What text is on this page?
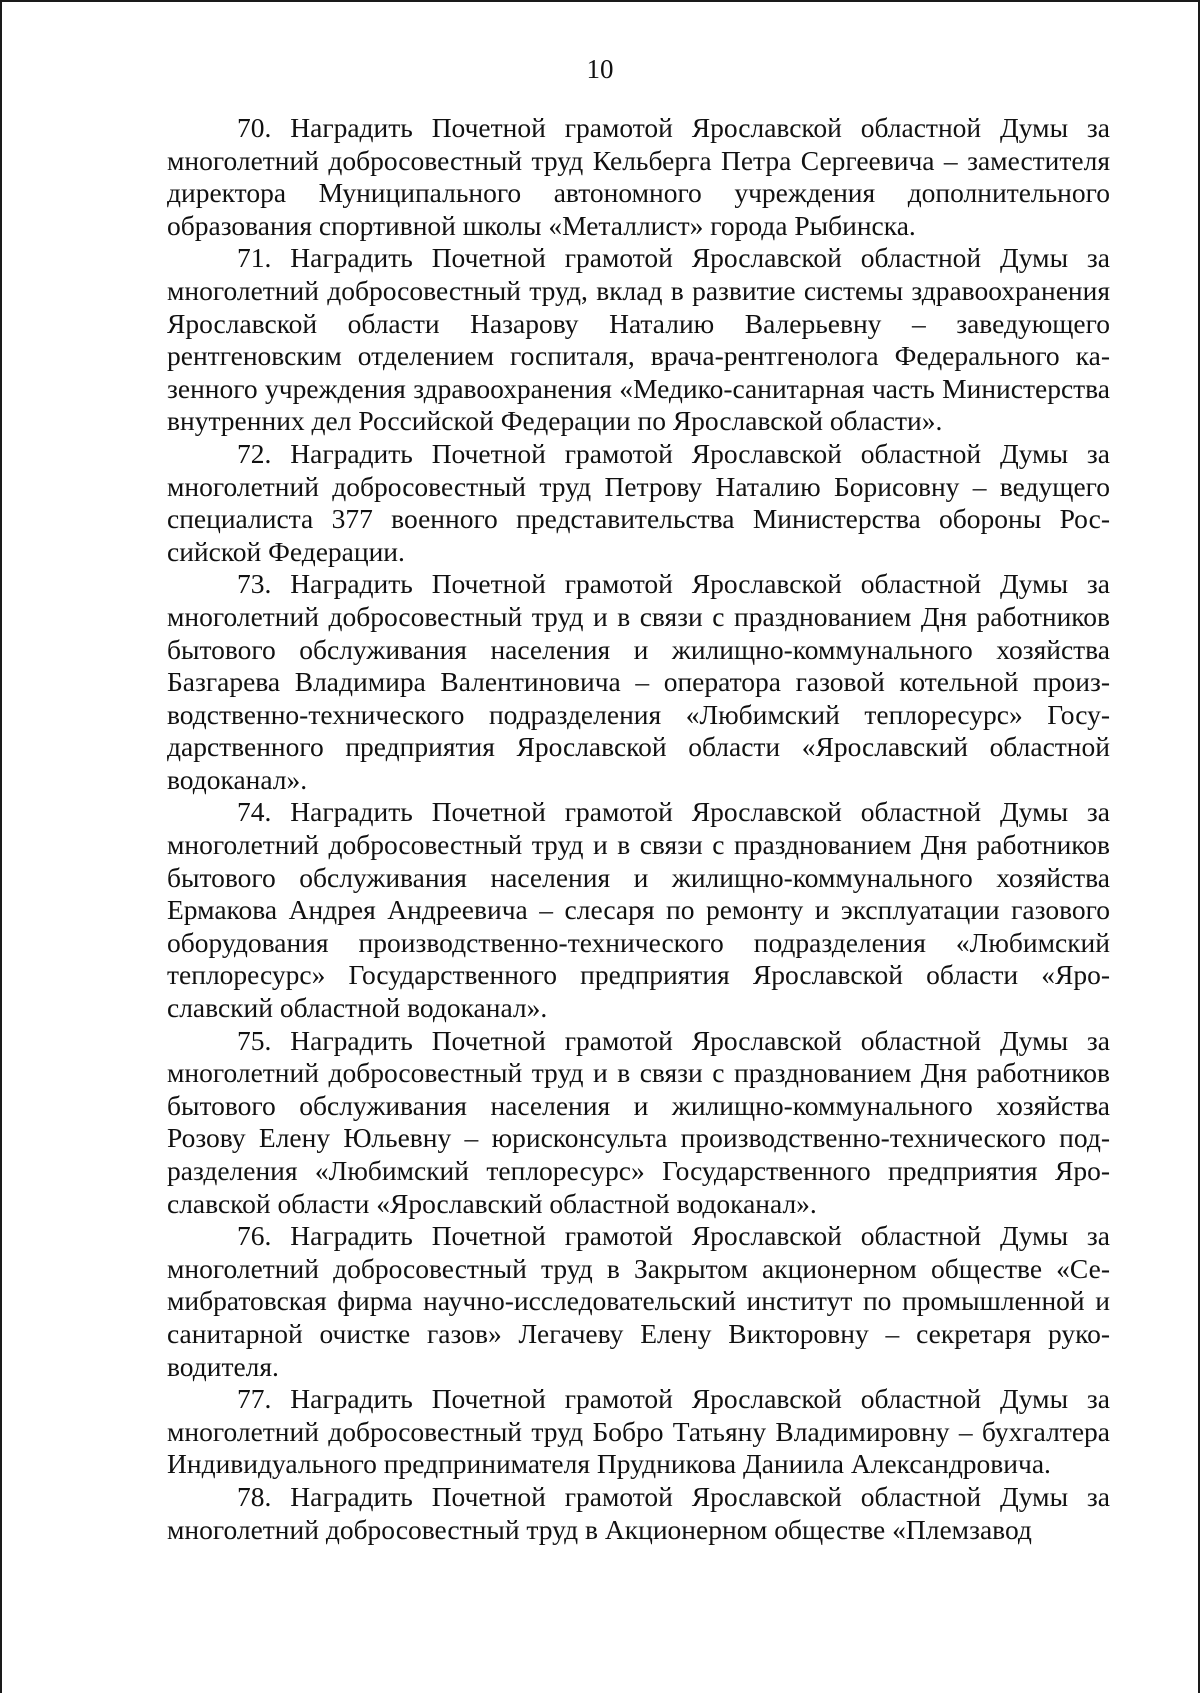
10

70. Наградить Почетной грамотой Ярославской областной Думы за многолетний добросовестный труд Кельберга Петра Сергеевича – заместителя директора Муниципального автономного учреждения дополнительного образования спортивной школы «Металлист» города Рыбинска.

71. Наградить Почетной грамотой Ярославской областной Думы за многолетний добросовестный труд, вклад в развитие системы здравоохранения Ярославской области Назарову Наталию Валерьевну – заведующего рентгеновским отделением госпиталя, врача-рентгенолога Федерального казенного учреждения здравоохранения «Медико-санитарная часть Министерства внутренних дел Российской Федерации по Ярославской области».

72. Наградить Почетной грамотой Ярославской областной Думы за многолетний добросовестный труд Петрову Наталию Борисовну – ведущего специалиста 377 военного представительства Министерства обороны Российской Федерации.

73. Наградить Почетной грамотой Ярославской областной Думы за многолетний добросовестный труд и в связи с празднованием Дня работников бытового обслуживания населения и жилищно-коммунального хозяйства Базгарева Владимира Валентиновича – оператора газовой котельной производственно-технического подразделения «Любимский теплоресурс» Государственного предприятия Ярославской области «Ярославский областной водоканал».

74. Наградить Почетной грамотой Ярославской областной Думы за многолетний добросовестный труд и в связи с празднованием Дня работников бытового обслуживания населения и жилищно-коммунального хозяйства Ермакова Андрея Андреевича – слесаря по ремонту и эксплуатации газового оборудования производственно-технического подразделения «Любимский теплоресурс» Государственного предприятия Ярославской области «Ярославский областной водоканал».

75. Наградить Почетной грамотой Ярославской областной Думы за многолетний добросовестный труд и в связи с празднованием Дня работников бытового обслуживания населения и жилищно-коммунального хозяйства Розову Елену Юльевну – юрисконсульта производственно-технического подразделения «Любимский теплоресурс» Государственного предприятия Ярославской области «Ярославский областной водоканал».

76. Наградить Почетной грамотой Ярославской областной Думы за многолетний добросовестный труд в Закрытом акционерном обществе «Семибратовская фирма научно-исследовательский институт по промышленной и санитарной очистке газов» Легачеву Елену Викторовну – секретаря руководителя.

77. Наградить Почетной грамотой Ярославской областной Думы за многолетний добросовестный труд Бобро Татьяну Владимировну – бухгалтера Индивидуального предпринимателя Прудникова Даниила Александровича.

78. Наградить Почетной грамотой Ярославской областной Думы за многолетний добросовестный труд в Акционерном обществе «Племзавод
